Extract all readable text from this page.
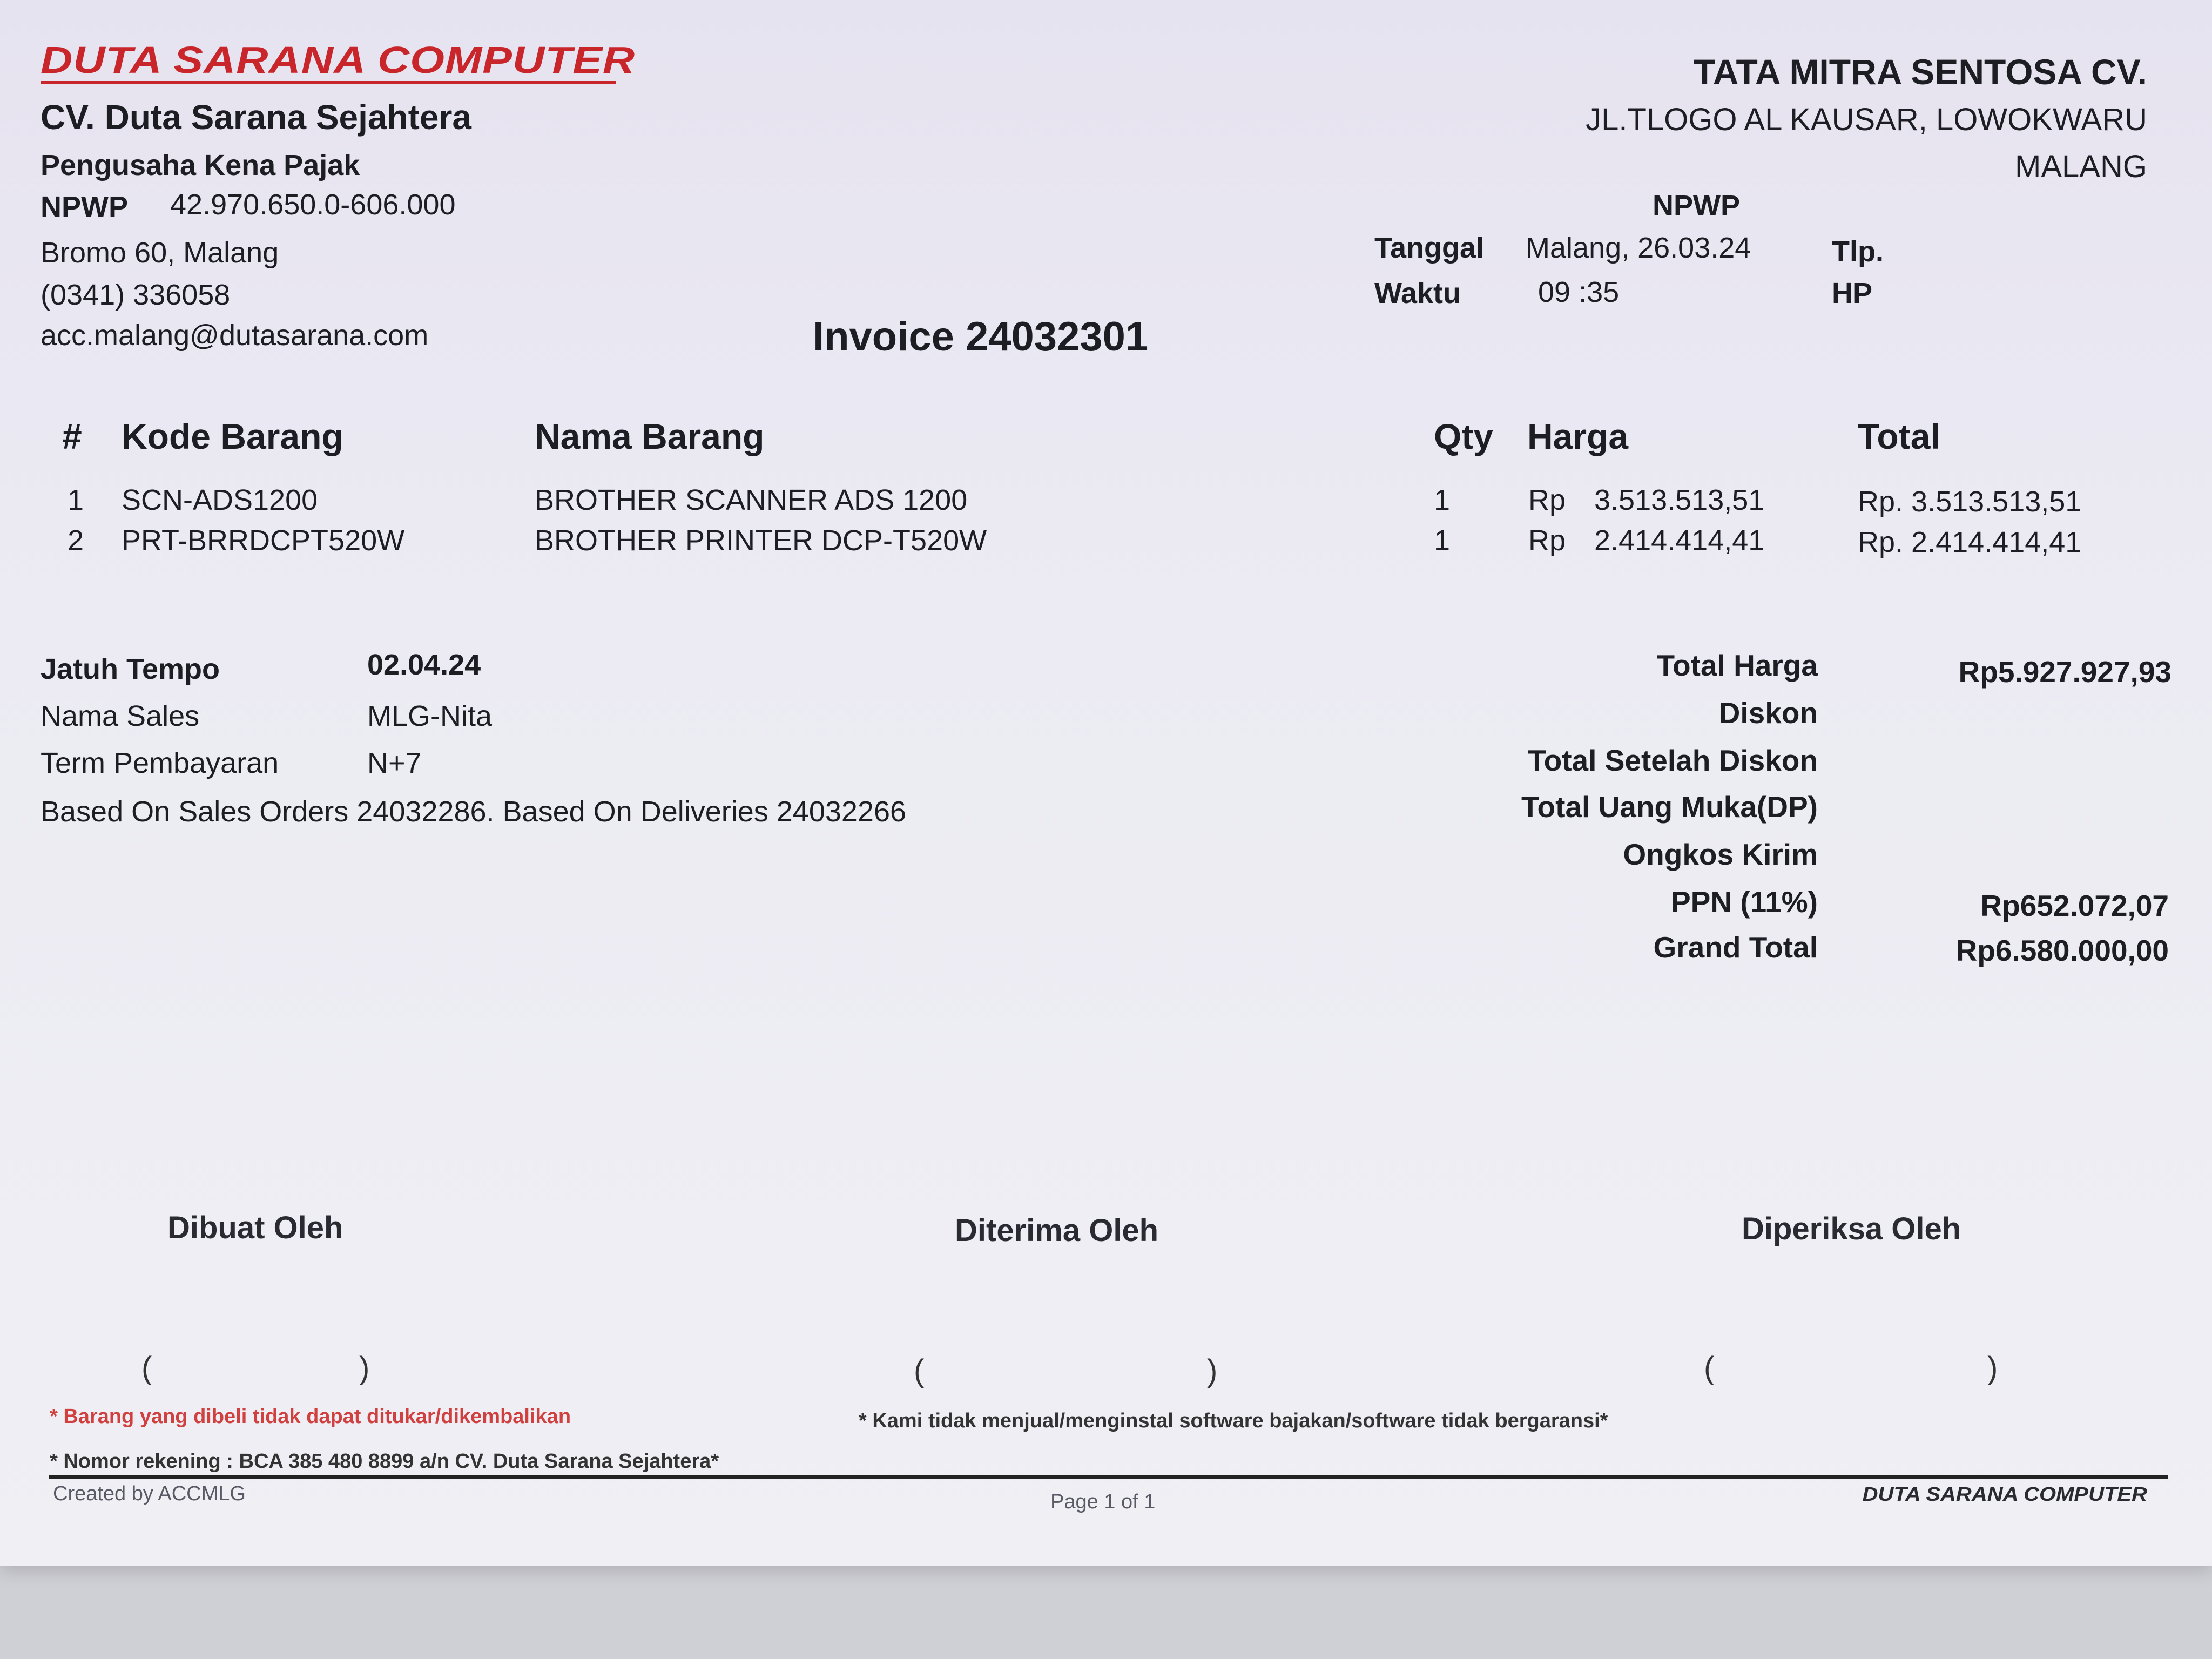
DUTA SARANA COMPUTER
CV. Duta Sarana Sejahtera
Pengusaha Kena Pajak
NPWP 42.970.650.0-606.000
Bromo 60, Malang
(0341) 336058
acc.malang@dutasarana.com
TATA MITRA SENTOSA CV.
JL.TLOGO AL KAUSAR, LOWOKWARU
MALANG
NPWP
Tanggal Malang, 26.03.24	Tlp.
Waktu	09 :35	HP
Invoice 24032301
# Kode Barang	Nama Barang	Qty Harga	Total
1 SCN-ADS1200	BROTHER SCANNER ADS 1200	1	Rp 3.513.513,51	Rp. 3.513.513,51
2 PRT-BRRDCPT520W	BROTHER PRINTER DCP-T520W	1	Rp 2.414.414,41	Rp. 2.414.414,41
Jatuh Tempo	02.04.24
Nama Sales	MLG-Nita
Term Pembayaran	N+7
Based On Sales Orders 24032286. Based On Deliveries 24032266
Total Harga	Rp5.927.927,93
Diskon
Total Setelah Diskon
Total Uang Muka(DP)
Ongkos Kirim
PPN (11%)	Rp652.072,07
Grand Total	Rp6.580.000,00
Dibuat Oleh	Diterima Oleh	Diperiksa Oleh
(	)	(	)	(	)
* Barang yang dibeli tidak dapat ditukar/dikembalikan	* Kami tidak menjual/menginstal software bajakan/software tidak bergaransi*
* Nomor rekening : BCA 385 480 8899 a/n CV. Duta Sarana Sejahtera*
Created by ACCMLG	Page 1 of 1	DUTA SARANA COMPUTER
